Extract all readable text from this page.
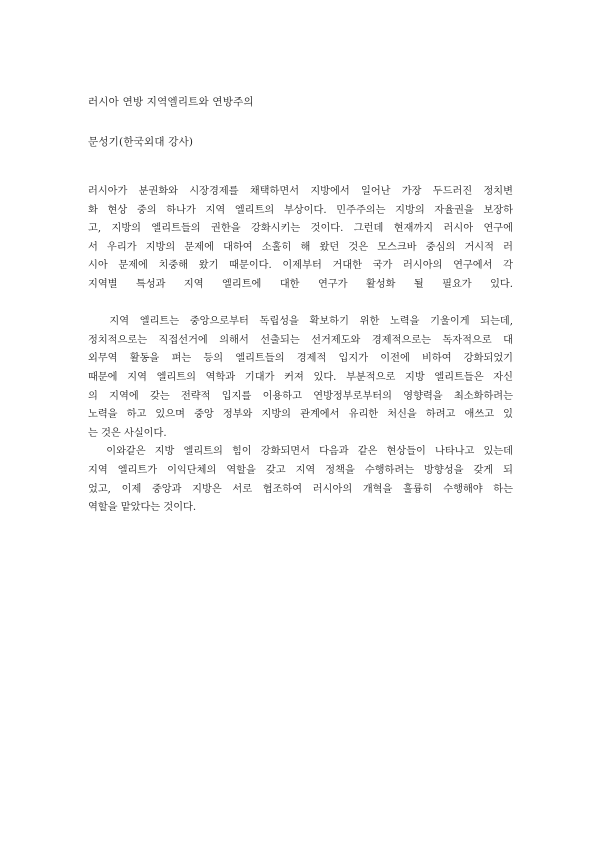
러시아 연방 지역엘리트와 연방주의
문성기(한국외대 강사)
러시아가 분권화와 시장경제를 채택하면서 지방에서 일어난 가장 두드러진 정치변
화 현상 중의 하나가 지역 엘리트의 부상이다. 민주주의는 지방의 자율권을 보장하
고, 지방의 엘리트들의 권한을 강화시키는 것이다. 그런데 현재까지 러시아 연구에
서 우리가 지방의 문제에 대하여 소홀히 해 왔던 것은 모스크바 중심의 거시적 러
시아 문제에 치중해 왔기 때문이다. 이제부터 거대한 국가 러시아의 연구에서 각
지역별 특성과 지역 엘리트에 대한 연구가 활성화 될 필요가 있다.
지역 엘리트는 중앙으로부터 독립성을 확보하기 위한 노력을 기울이게 되는데,
정치적으로는 직접선거에 의해서 선출되는 선거제도와 경제적으로는 독자적으로 대
외무역 활동을 펴는 등의 엘리트들의 경제적 입지가 이전에 비하여 강화되었기
때문에 지역 엘리트의 역학과 기대가 커져 있다. 부분적으로 지방 엘리트들은 자신
의 지역에 갖는 전략적 입지를 이용하고 연방정부로부터의 영향력을 최소화하려는
노력을 하고 있으며 중앙 정부와 지방의 관계에서 유리한 처신을 하려고 애쓰고 있
는 것은 사실이다.
이와같은 지방 엘리트의 힘이 강화되면서 다음과 같은 현상들이 나타나고 있는데
지역 엘리트가 이익단체의 역할을 갖고 지역 정책을 수행하려는 방향성을 갖게 되
었고, 이제 중앙과 지방은 서로 협조하여 러시아의 개혁을 훌륭히 수행해야 하는
역할을 맡았다는 것이다.
